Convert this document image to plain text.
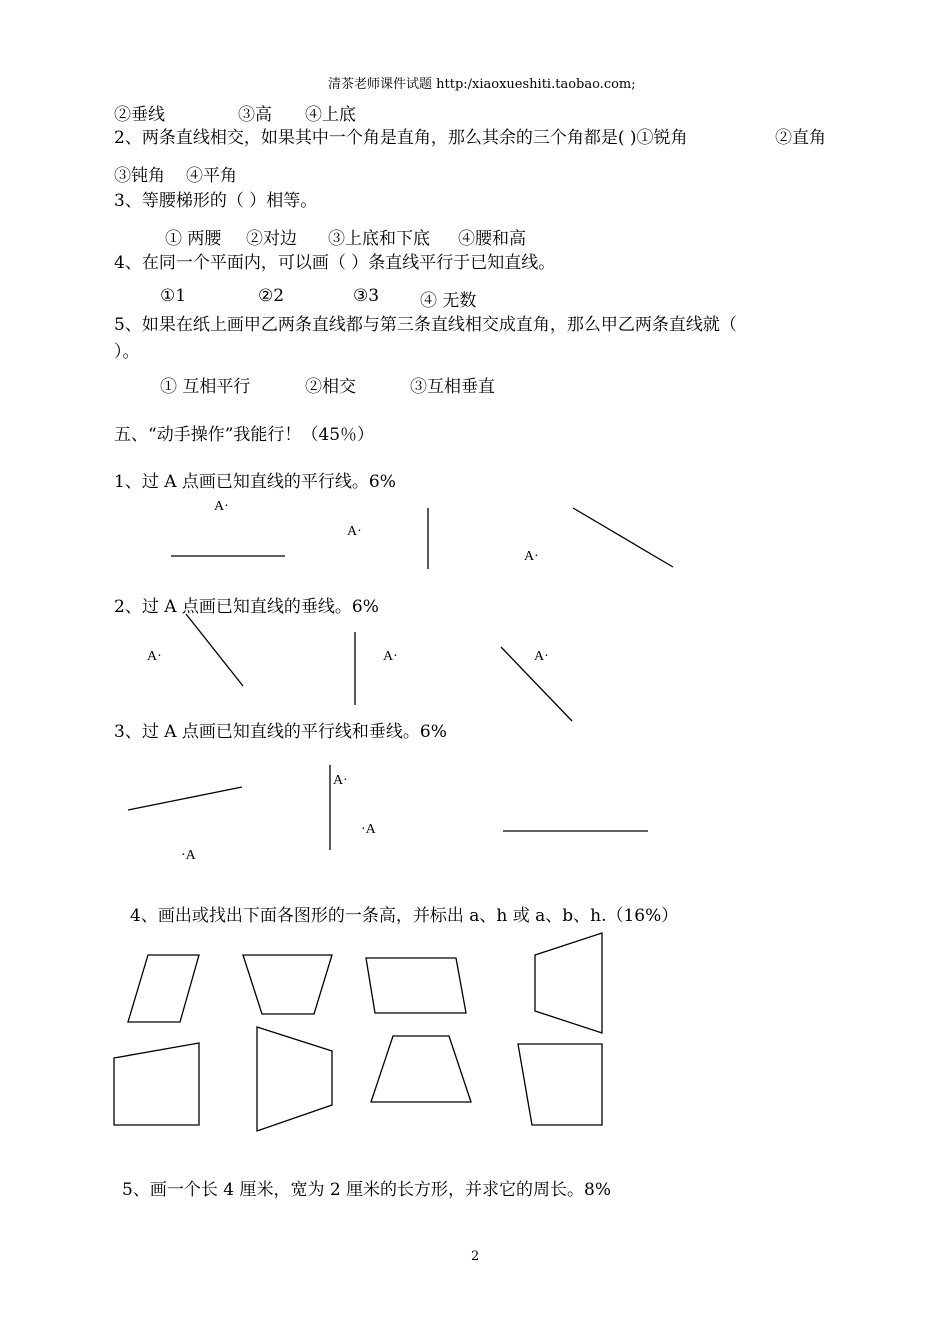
清茶老师课件试题 http:/xiaoxueshiti.taobao.com;
②垂线	③高 ④上底
2、两条直线相交，如果其中一个角是直角，那么其余的三个角都是( )①锐角	②直角
③钝角 ④平角
3、等腰梯形的（ ）相等。
① 两腰 ②对边 ③上底和下底 ④腰和高
4、在同一个平面内，可以画（ ）条直线平行于已知直线。
①1	②2	③3 ④ 无数
5、如果在纸上画甲乙两条直线都与第三条直线相交成直角，那么甲乙两条直线就（
）。
① 互相平行	②相交	③互相垂直
五、“动手操作”我能行！（45％）
1、过 A 点画已知直线的平行线。6%
2、过 A 点画已知直线的垂线。6%
3、过 A 点画已知直线的平行线和垂线。6%
4、画出或找出下面各图形的一条高，并标出 a、h 或 a、b、h.（16%）
5、画一个长 4 厘米，宽为 2 厘米的长方形，并求它的周长。8%
A·
A·
A·
A·	A·	A·
A·
·A
·A
2
